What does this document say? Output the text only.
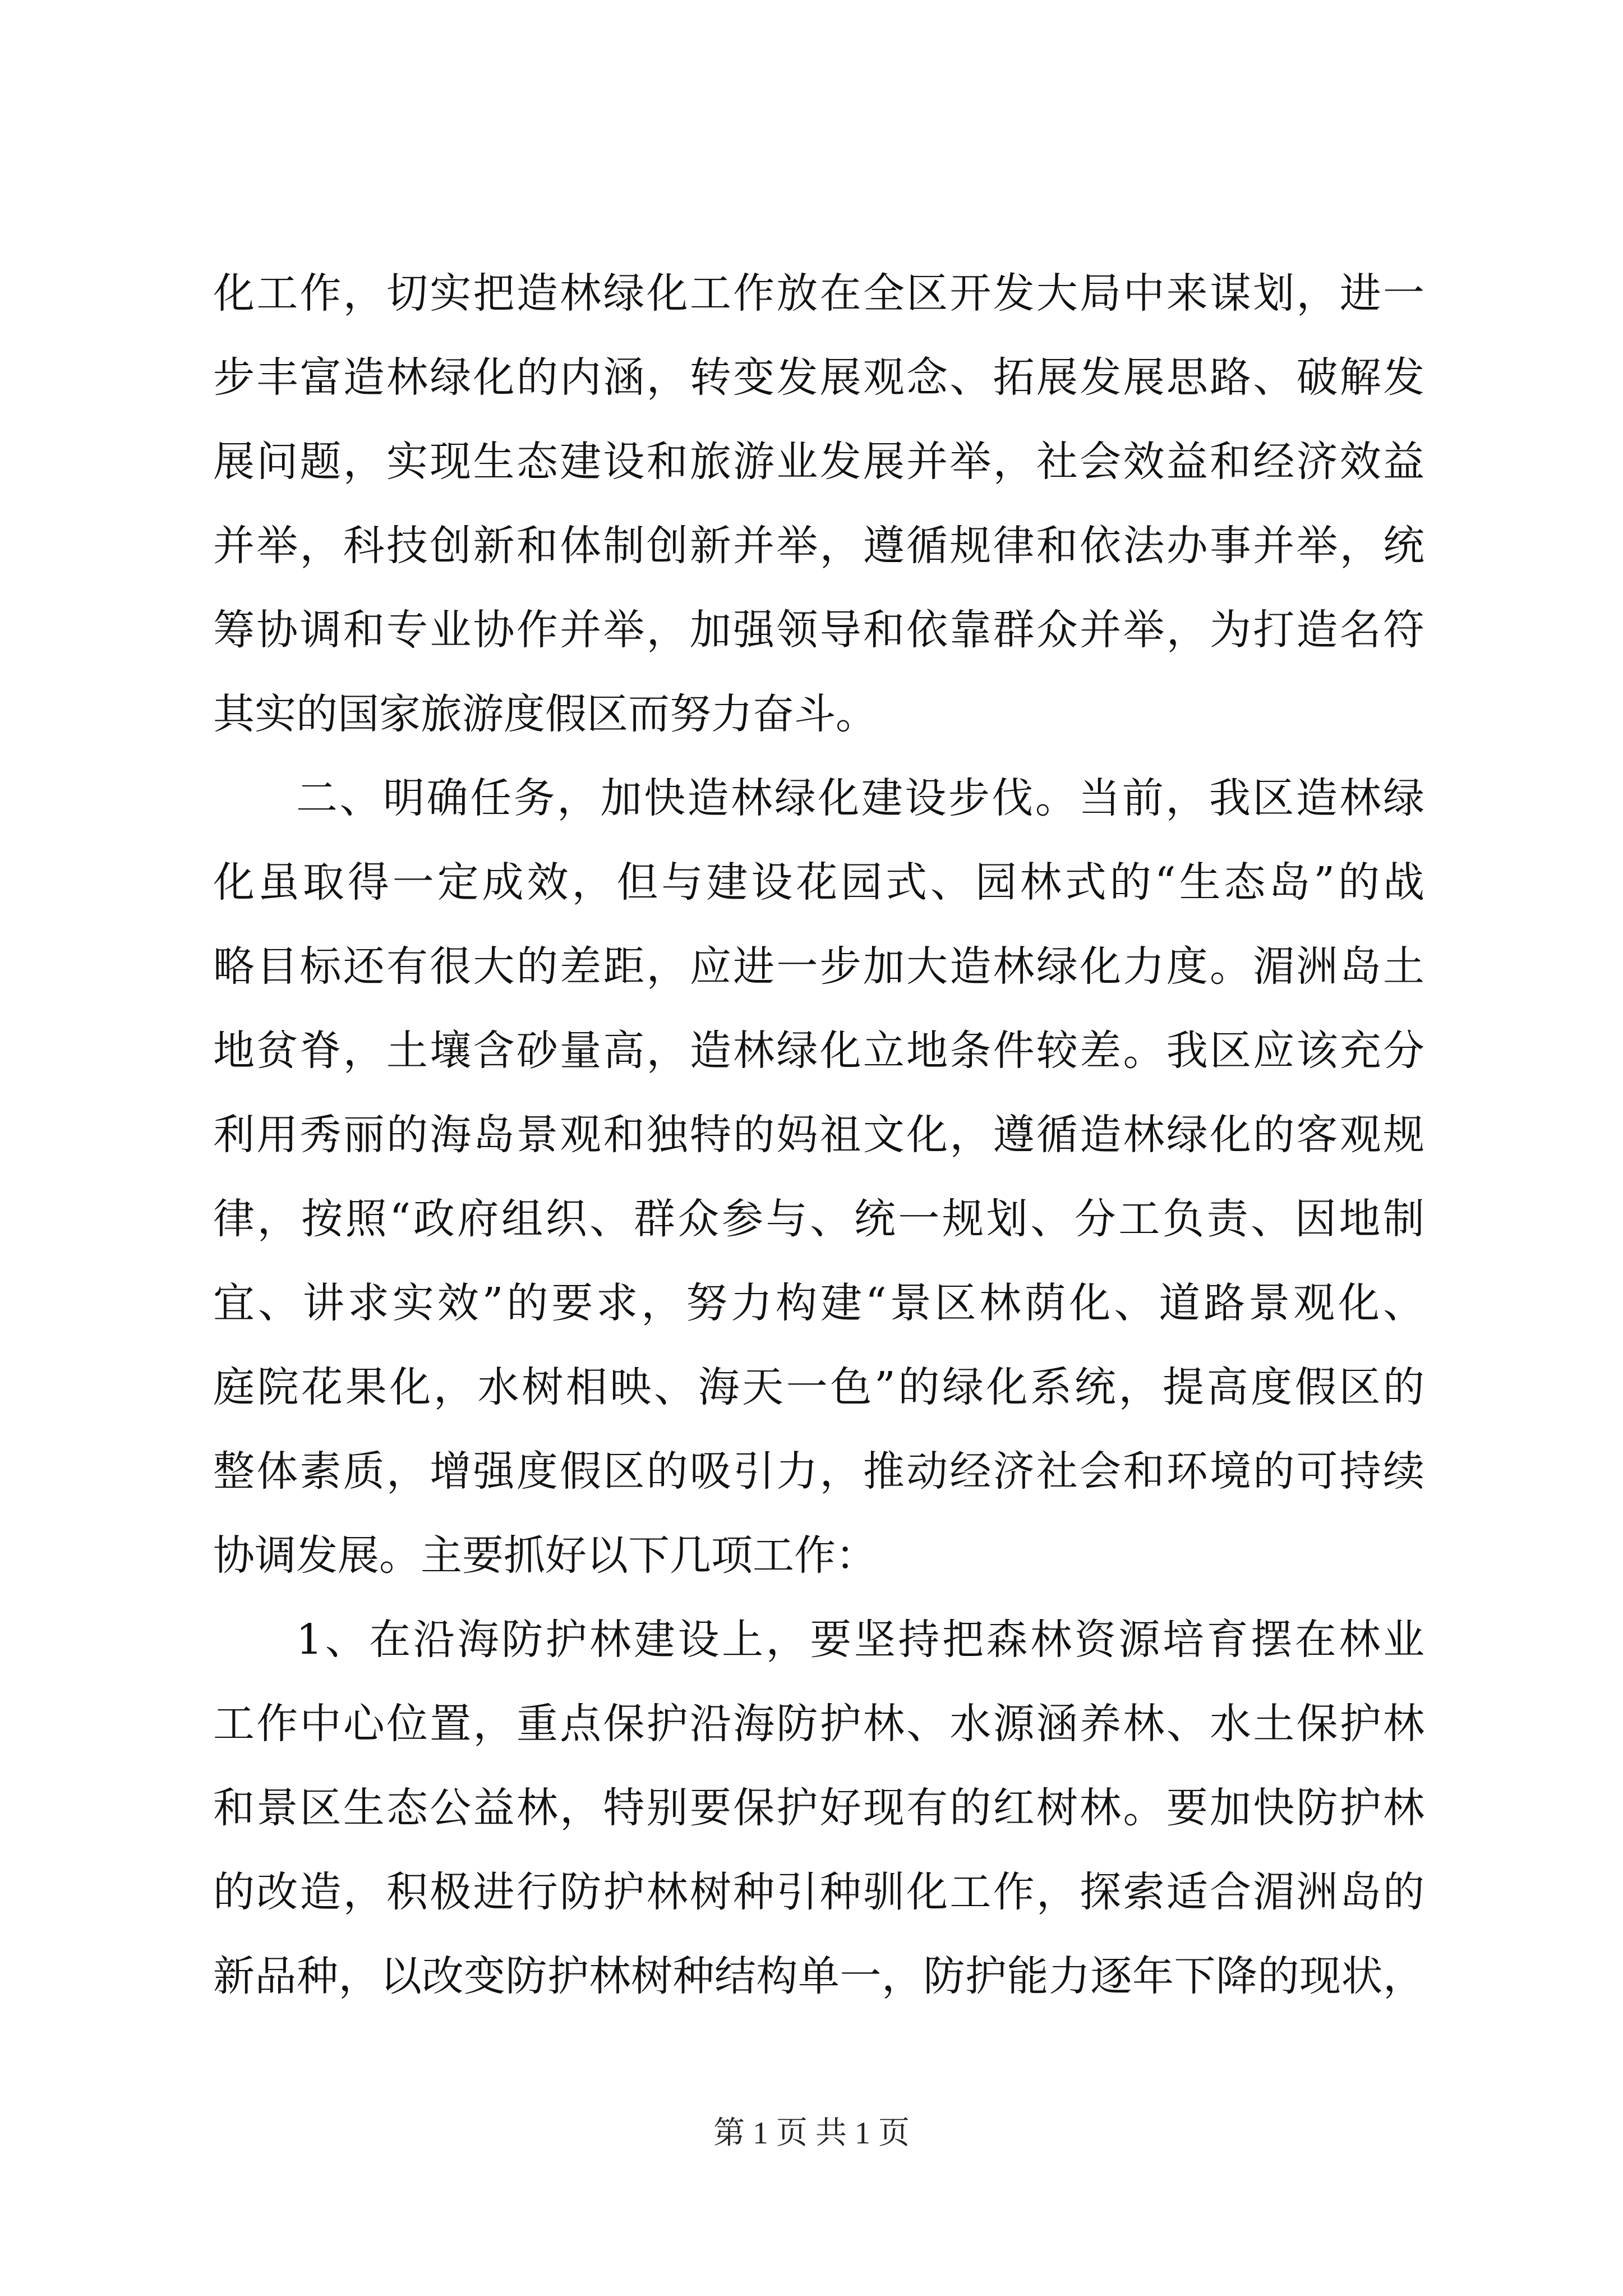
化工作，切实把造林绿化工作放在全区开发大局中来谋划，进一
步丰富造林绿化的内涵，转变发展观念、拓展发展思路、破解发
展问题，实现生态建设和旅游业发展并举，社会效益和经济效益
并举，科技创新和体制创新并举，遵循规律和依法办事并举，统
筹协调和专业协作并举，加强领导和依靠群众并举，为打造名符
其实的国家旅游度假区而努力奋斗。
二、明确任务，加快造林绿化建设步伐。当前，我区造林绿
化虽取得一定成效，但与建设花园式、园林式的“生态岛”的战
略目标还有很大的差距，应进一步加大造林绿化力度。湄洲岛土
地贫脊，土壤含砂量高，造林绿化立地条件较差。我区应该充分
利用秀丽的海岛景观和独特的妈祖文化，遵循造林绿化的客观规
律，按照“政府组织、群众参与、统一规划、分工负责、因地制
宜、讲求实效”的要求，努力构建“景区林荫化、道路景观化、
庭院花果化，水树相映、海天一色”的绿化系统，提高度假区的
整体素质，增强度假区的吸引力，推动经济社会和环境的可持续
协调发展。主要抓好以下几项工作：
1、在沿海防护林建设上，要坚持把森林资源培育摆在林业
工作中心位置，重点保护沿海防护林、水源涵养林、水土保护林
和景区生态公益林，特别要保护好现有的红树林。要加快防护林
的改造，积极进行防护林树种引种驯化工作，探索适合湄洲岛的
新品种，以改变防护林树种结构单一，防护能力逐年下降的现状，
第 1 页 共 1 页
